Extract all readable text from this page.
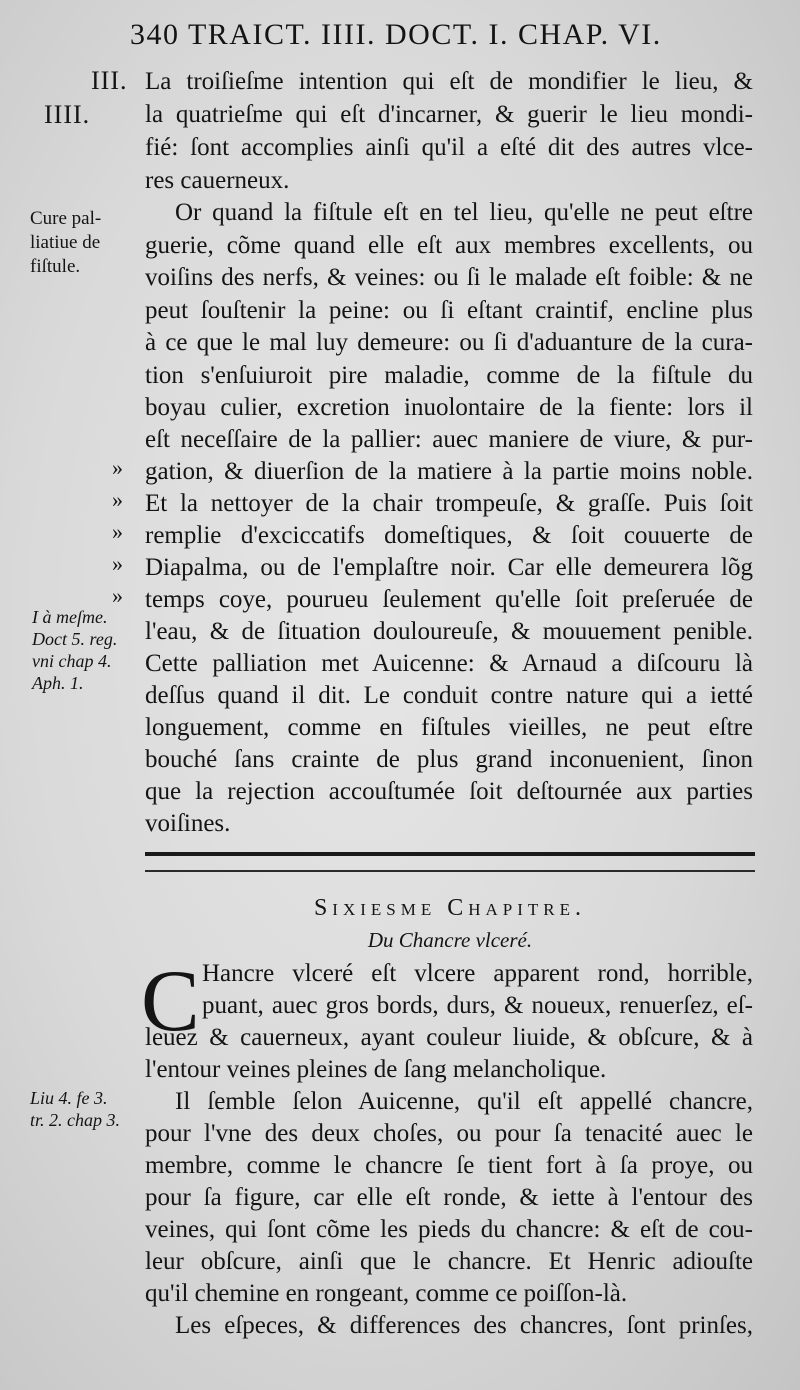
340 TRAICT. IIII. DOCT. I. CHAP. VI.
III.
IIII.
Cure pal-
liatiue de
fiſtule.
I à meſme.
Doct 5. reg.
vni chap 4.
Aph. 1.
Liu 4. fe 3.
tr. 2. chap 3.
»
»
»
»
»
La troiſieſme intention qui eſt de mondifier le lieu, &
la quatrieſme qui eſt d'incarner, & guerir le lieu mondi-
fié: ſont accomplies ainſi qu'il a eſté dit des autres vlce-
res cauerneux.
Or quand la fiſtule eſt en tel lieu, qu'elle ne peut eſtre
guerie, cõme quand elle eſt aux membres excellents, ou
voiſins des nerfs, & veines: ou ſi le malade eſt foible: & ne
peut ſouſtenir la peine: ou ſi eſtant craintif, encline plus
à ce que le mal luy demeure: ou ſi d'aduanture de la cura-
tion s'enſuiuroit pire maladie, comme de la fiſtule du
boyau culier, excretion inuolontaire de la fiente: lors il
eſt neceſſaire de la pallier: auec maniere de viure, & pur-
gation, & diuerſion de la matiere à la partie moins noble.
Et la nettoyer de la chair trompeuſe, & graſſe. Puis ſoit
remplie d'exciccatifs domeſtiques, & ſoit couuerte de
Diapalma, ou de l'emplaſtre noir. Car elle demeurera lõg
temps coye, pourueu ſeulement qu'elle ſoit preſeruée de
l'eau, & de ſituation douloureuſe, & mouuement penible.
Cette palliation met Auicenne: & Arnaud a diſcouru là
deſſus quand il dit. Le conduit contre nature qui a ietté
longuement, comme en fiſtules vieilles, ne peut eſtre
bouché ſans crainte de plus grand inconuenient, ſinon
que la rejection accouſtumée ſoit deſtournée aux parties
voiſines.
Sixieſme Chapitre.
Du Chancre vlceré.
C Hancre vlceré eſt vlcere apparent rond, horrible,
puant, auec gros bords, durs, & noueux, renuerſez, eſ-
leuez & cauerneux, ayant couleur liuide, & obſcure, & à
l'entour veines pleines de ſang melancholique.
Il ſemble ſelon Auicenne, qu'il eſt appellé chancre,
pour l'vne des deux choſes, ou pour ſa tenacité auec le
membre, comme le chancre ſe tient fort à ſa proye, ou
pour ſa figure, car elle eſt ronde, & iette à l'entour des
veines, qui ſont cõme les pieds du chancre: & eſt de cou-
leur obſcure, ainſi que le chancre. Et Henric adiouſte
qu'il chemine en rongeant, comme ce poiſſon-là.
Les eſpeces, & differences des chancres, ſont prinſes,
